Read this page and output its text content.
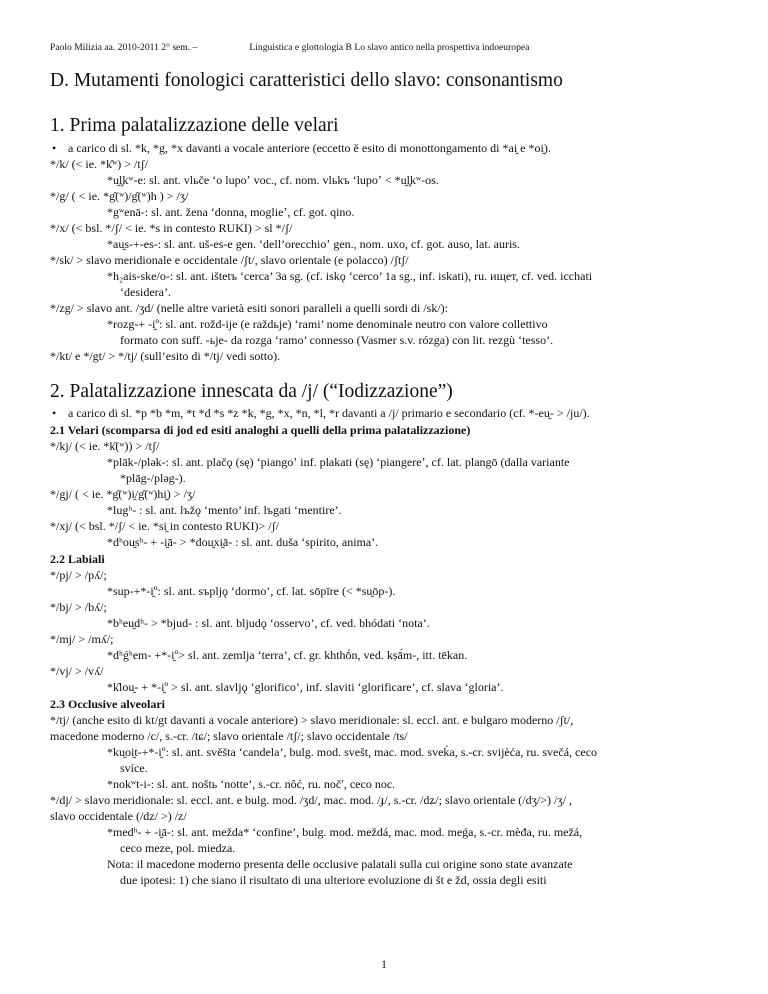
Paolo Milizia aa. 2010-2011 2° sem. –	Linguistica e glottologia B Lo slavo antico nella prospettiva indoeuropea
D. Mutamenti fonologici caratteristici dello slavo: consonantismo
1. Prima palatalizzazione delle velari

• a carico di sl. *k, *g, *x davanti a vocale anteriore (eccetto ě esito di monottongamento di *ai̯ e *oi̯).

*/k/ (< ie. *k̑ʷ) > /tʃ/

*u̯l̥kʷ-e: sl. ant. vlьče ʻo lupoʼ voc., cf. nom. vlьkъ ʻlupoʼ < *u̯l̥kʷ-os.

*/g/ ( < ie. *g̑(ʷ)/g̑(ʷ)h ) > /ʒ/

*gʷenā-: sl. ant. žena ʻdonna, moglieʼ, cf. got. qino.

*/x/ (< bsl. */ʃ/ < ie. *s in contesto RUKI) > sl */ʃ/

*au̯s-+-es-: sl. ant. uš-es-e gen. ʻdell’orecchioʼ gen., nom. uxo, cf. got. auso, lat. auris.

*/sk/ > slavo meridionale e occidentale /ʃt/, slavo orientale (e polacco) /ʃtʃ/

*h₂ais-ske/o-: sl. ant. ištetъ ʻcerca’ 3a sg. (cf. iskǫ ʻcerco’ 1a sg., inf. iskati), ru. ищет, cf. ved. icchati

ʻdesidera’.

*/zg/ > slavo ant. /ʒd/ (nelle altre varietà esiti sonori paralleli a quelli sordi di /sk/):

*rozg-+ -i̯º: sl. ant. rožd-ije (e raždьje) ʻrami’ nome denominale neutro con valore collettivo

formato con suff. -ьje- da rozga ʻramo’ connesso (Vasmer s.v. rózga) con lit. rezgù ʻtesso’.

*/kt/ e */gt/ > */tj/ (sull’esito di */tj/ vedi sotto).

2. Palatalizzazione innescata da /j/ (“Iodizzazione”)

• a carico di sl. *p *b *m, *t *d *s *z *k, *g, *x, *n, *l, *r davanti a /j/ primario e secondario (cf. *-eu̯- > /ju/).

2.1 Velari (scomparsa di jod ed esiti analoghi a quelli della prima palatalizzazione)

*/kj/ (< ie. *k̑(ʷ)) > /tʃ/

*plāk-/plǝk-: sl. ant. plačǫ (sę) ʻpiangoʼ inf. plakati (sę) ʻpiangereʼ, cf. lat. plangō (dalla variante

*plāg-/plǝg-).

*/gj/ ( < ie. *g̑(ʷ)i̯/g̑(ʷ)hi̯) > /ʒ/

*lugʰ- : sl. ant. lъžǫ ʻmento’ inf. lъgati ʻmentire’.

*/xj/ (< bsl. */ʃ/ < ie. *si̯ in contesto RUKI)> /ʃ/

*dʰou̯sʰ- + -i̯ā- > *dou̯xi̯ā- : sl. ant. duša ʻspirito, anima’.

2.2 Labiali

*/pj/ > /pʎ/;

*sup-+*-i̯º: sl. ant. sъpljǫ ʻdormo’, cf. lat. sōpīre (< *su̯ōp-).

*/bj/ > /bʎ/;

*bʰeu̯dʰ- > *bjud- : sl. ant. bljudǫ ʻosservo’, cf. ved. bhódati ʻnota’.

*/mj/ > /mʎ/;

*dʰǵʰem- +*-i̯º> sl. ant. zemlja ʻterra’, cf. gr. khthṓn, ved. kṣā́m-, itt. tēkan.

*/vj/ > /vʎ/

*k̑lou̯- + *-i̯º > sl. ant. slavljǫ ʻglorifico’, inf. slaviti ʻglorificare’, cf. slava ʻgloria’.

2.3 Occlusive alveolari

*/tj/ (anche esito di kt/gt davanti a vocale anteriore) > slavo meridionale: sl. eccl. ant. e bulgaro moderno /ʃt/,

macedone moderno /c/, s.-cr. /tɕ/; slavo orientale /tʃ/; slavo occidentale /ts/

*ku̯oi̯t-+*-i̯º: sl. ant. svěšta ʻcandela’, bulg. mod. svešt, mac. mod. sveḱa, s.-cr. svijèća, ru. svečá, ceco

svíce.

*nokʷt-i-: sl. ant. noštь ʻnotte’, s.-cr. nȏć, ru. nočʹ, ceco noc.

*/dj/ > slavo meridionale: sl. eccl. ant. e bulg. mod. /ʒd/, mac. mod. /ɟ/, s.-cr. /dʑ/; slavo orientale (/dʒ/>) /ʒ/ ,

slavo occidentale (/dz/ >) /z/

*medʰ- + -i̯ā-: sl. ant. mežda* ʻconfine’, bulg. mod. meždá, mac. mod. meǵa, s.-cr. mèđa, ru. mežá,

ceco meze, pol. miedza.

Nota: il macedone moderno presenta delle occlusive palatali sulla cui origine sono state avanzate

due ipotesi: 1) che siano il risultato di una ulteriore evoluzione di št e žd, ossia degli esiti

1
